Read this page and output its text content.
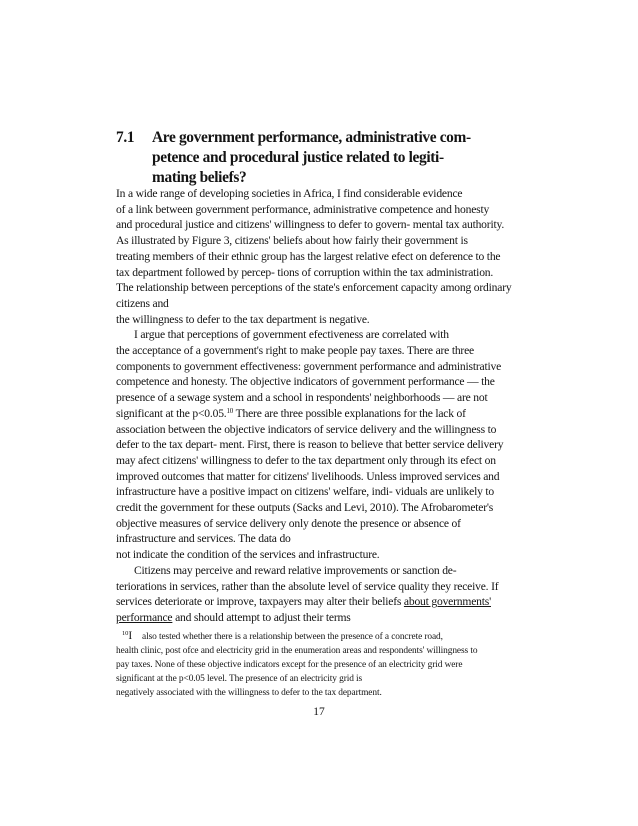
7.1 Are government performance, administrative com-
petence and procedural justice related to legiti-
mating beliefs?
In a wide range of developing societies in Africa, I find considerable evidence
of a link between government performance, administrative competence and honesty
and procedural justice and citizens' willingness to defer to govern- mental tax authority.
As illustrated by Figure 3, citizens' beliefs about how fairly their government is
treating members of their ethnic group has the largest relative efect on deference to the
tax department followed by percep- tions of corruption within the tax administration.
The relationship between perceptions of the state's enforcement capacity among ordinary
citizens and
the willingness to defer to the tax department is negative.
I argue that perceptions of government efectiveness are correlated with
the acceptance of a government's right to make people pay taxes. There are three
components to government effectiveness: government performance and administrative
competence and honesty. The objective indicators of government performance — the
presence of a sewage system and a school in respondents' neighborhoods — are not
significant at the p<0.05.10 There are three possible explanations for the lack of
association between the objective indicators of service delivery and the willingness to
defer to the tax depart- ment. First, there is reason to believe that better service delivery
may afect citizens' willingness to defer to the tax department only through its efect on
improved outcomes that matter for citizens' livelihoods. Unless improved services and
infrastructure have a positive impact on citizens' welfare, indi- viduals are unlikely to
credit the government for these outputs (Sacks and Levi, 2010). The Afrobarometer's
objective measures of service delivery only denote the presence or absence of
infrastructure and services. The data do
not indicate the condition of the services and infrastructure.
Citizens may perceive and reward relative improvements or sanction de-
teriorations in services, rather than the absolute level of service quality they receive. If
services deteriorate or improve, taxpayers may alter their beliefs about governments'
performance and should attempt to adjust their terms
$^{10}$I also tested whether there is a relationship between the presence of a concrete road,
health clinic, post ofce and electricity grid in the enumeration areas and respondents' willingness to
pay taxes. None of these objective indicators except for the presence of an electricity grid were
significant at the p<0.05 level. The presence of an electricity grid is
negatively associated with the willingness to defer to the tax department.
17
